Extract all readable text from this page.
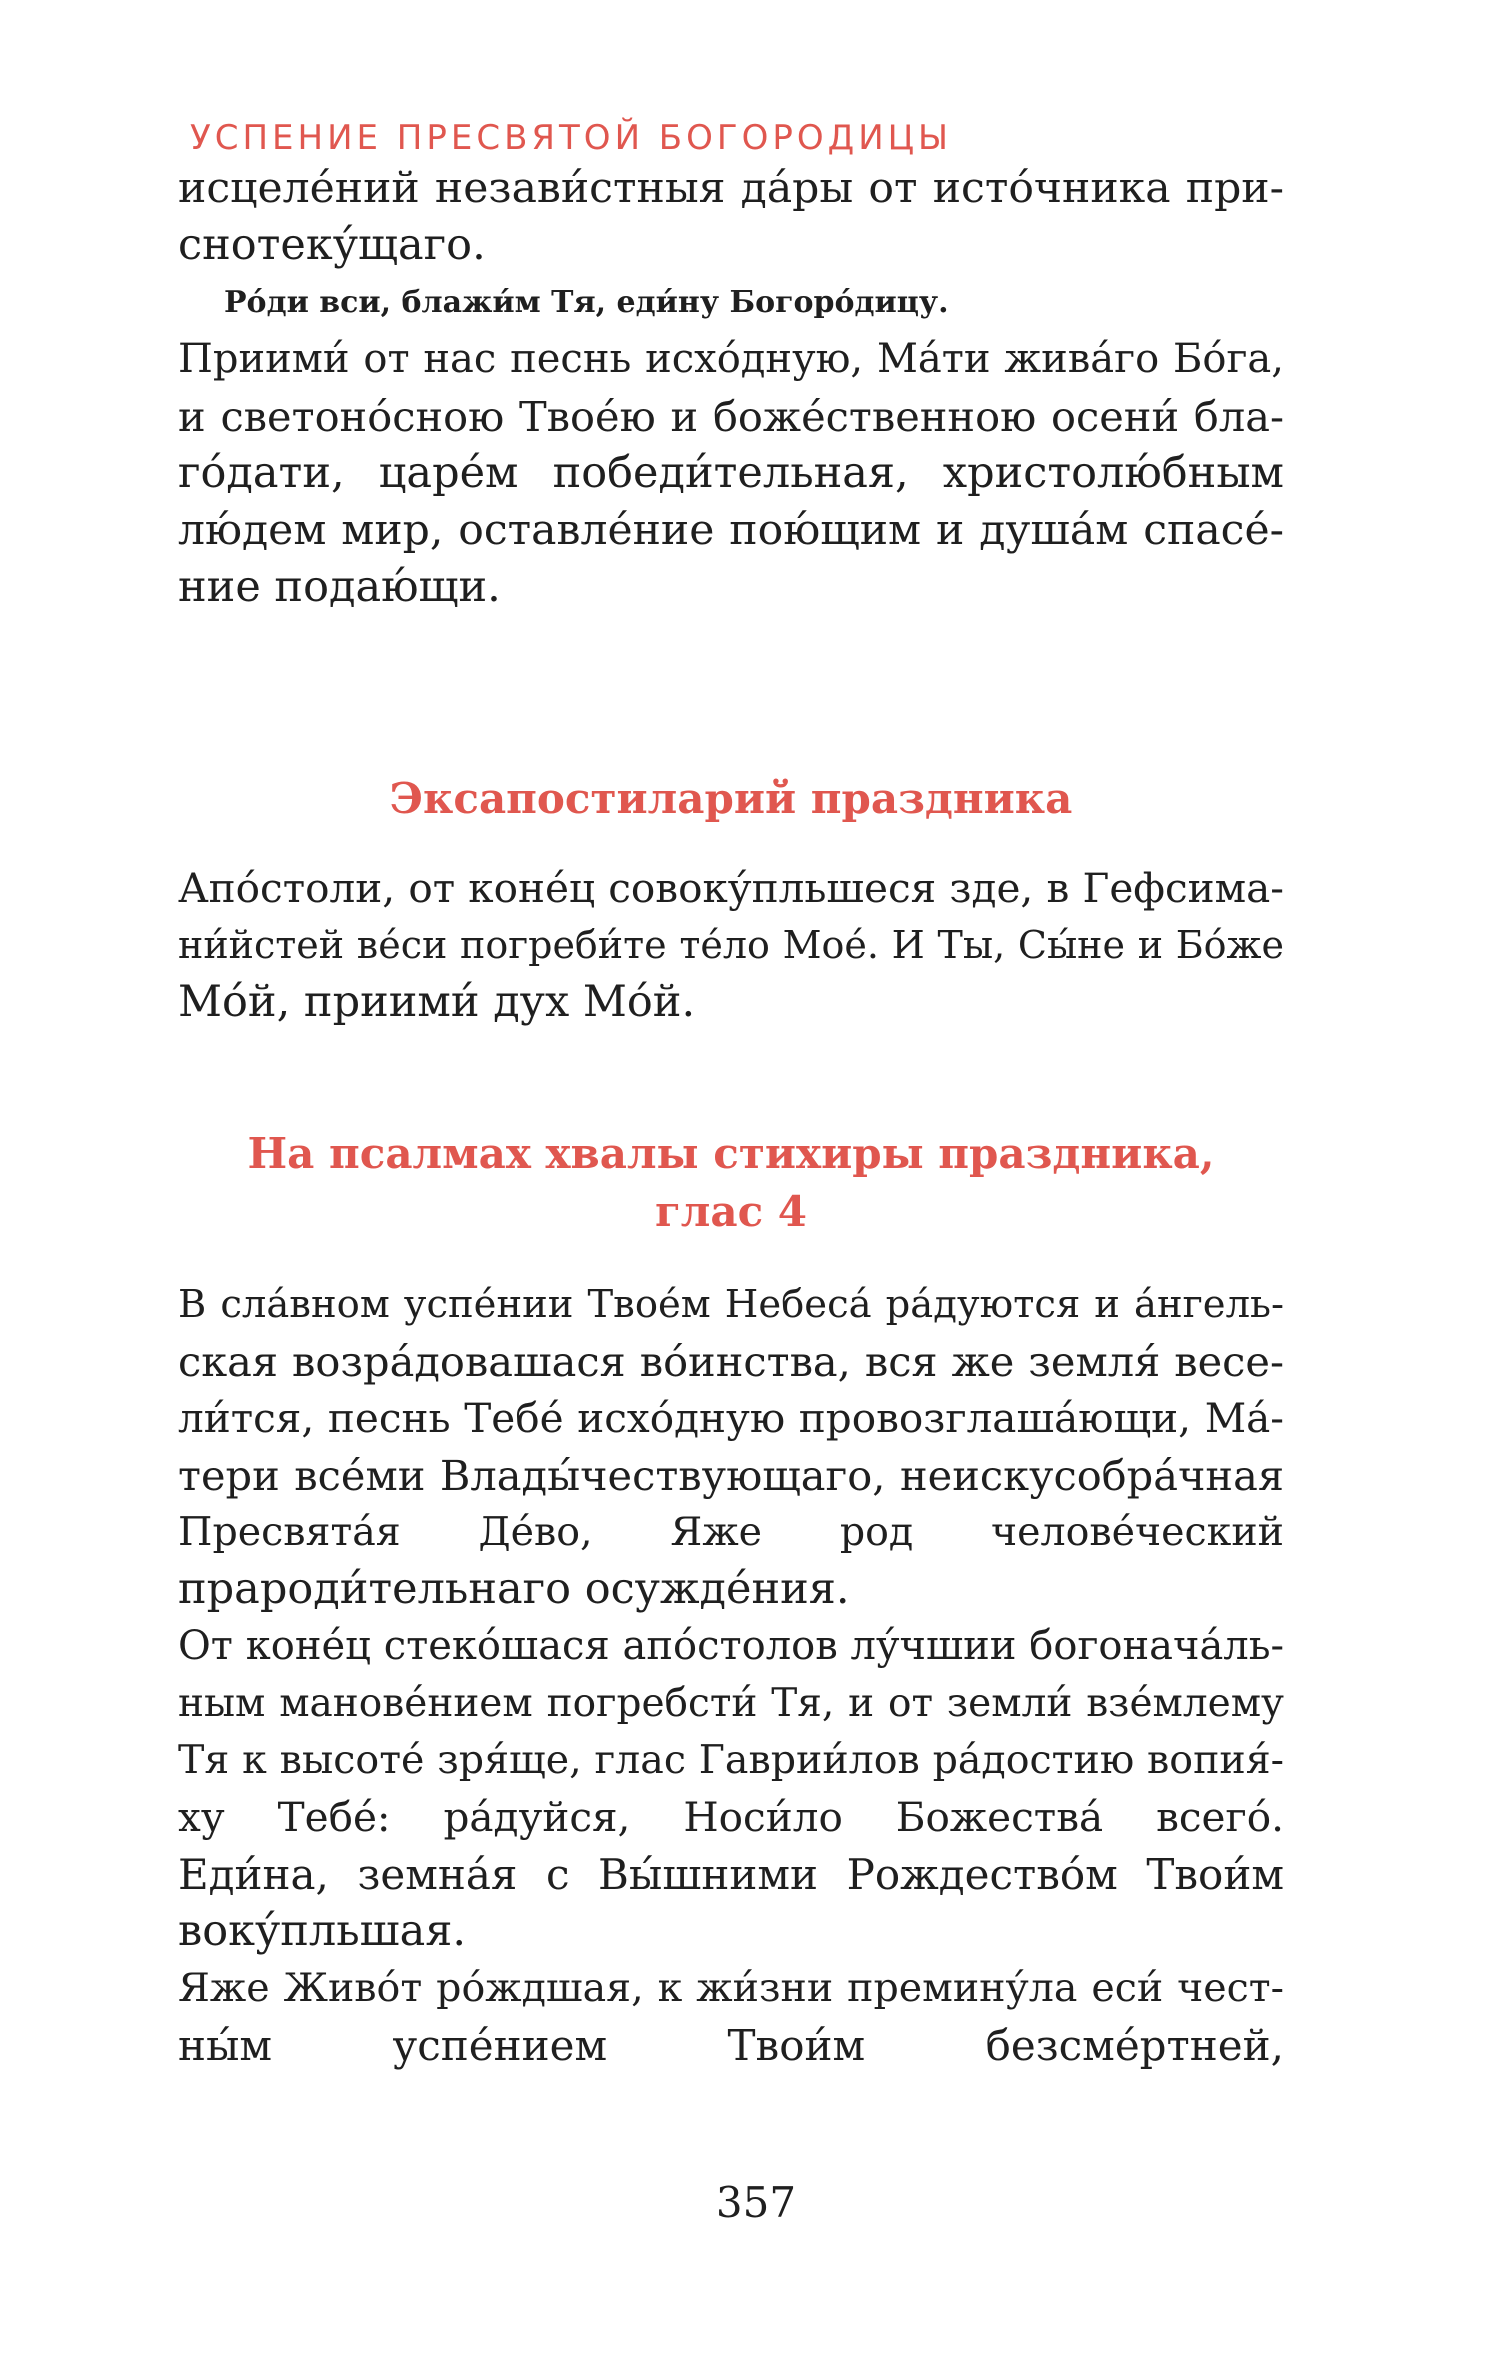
УСПЕНИЕ ПРЕСВЯТОЙ БОГОРОДИЦЫ
исцеле́ний незави́стныя да́ры от исто́чника при-
снотеку́щаго.
Ро́ди вси, блажи́м Тя, еди́ну Богоро́дицу.
Приими́ от нас песнь исхо́дную, Ма́ти жива́го Бо́га,
и светоно́сною Твое́ю и боже́ственною осени́ бла-
го́дати, царе́м победи́тельная, христолю́бным
лю́дем мир, оставле́ние пою́щим и душа́м спасе́-
ние подаю́щи.
Эксапостиларий праздника
Апо́столи, от коне́ц совоку́пльшеся зде, в Гефсима-
ни́йстей ве́си погреби́те те́ло Мое́. И Ты, Сы́не и Бо́же
Мо́й, приими́ дух Мо́й.
На псалмах хвалы стихиры праздника,
глас 4
В сла́вном успе́нии Твое́м Небеса́ ра́дуются и а́нгель-
ская возра́довашася во́инства, вся же земля́ весе-
ли́тся, песнь Тебе́ исхо́дную провозглаша́ющи, Ма́-
тери все́ми Влады́чествующаго, неискусобра́чная
Пресвята́я Де́во, Яже род челове́ческий
прароди́тельнаго осужде́ния.
От коне́ц стеко́шася апо́столов лу́чшии богонача́ль-
ным манове́нием погребсти́ Тя, и от земли́ взе́млему
Тя к высоте́ зря́ще, глас Гаврии́лов ра́достию вопия́-
ху Тебе́: ра́дуйся, Носи́ло Божества́ всего́.
Еди́на, земна́я с Вы́шними Рождество́м Твои́м
воку́пльшая.
Яже Живо́т ро́ждшая, к жи́зни премину́ла еси́ чест-
ны́м успе́нием Твои́м безсме́ртней,
357
